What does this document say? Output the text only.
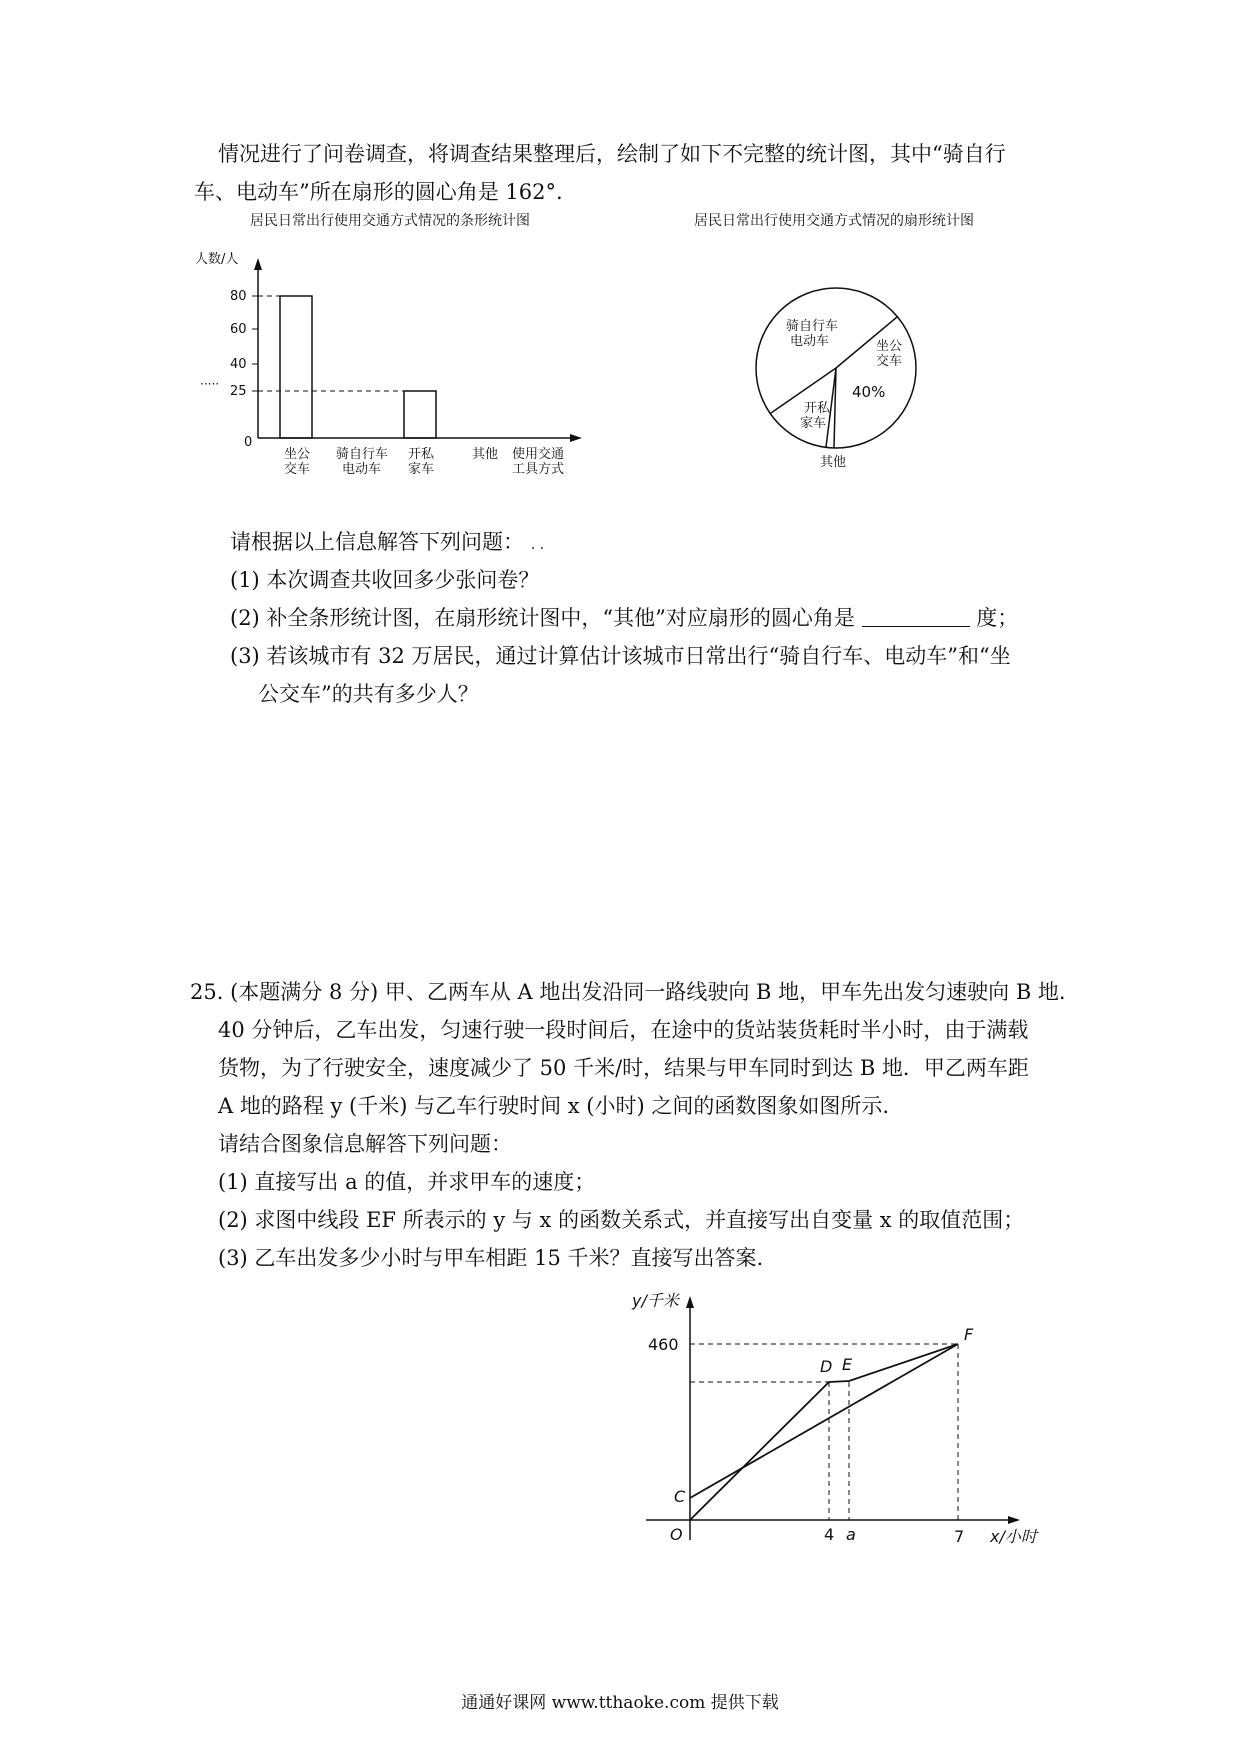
情况进行了问卷调查，将调查结果整理后，绘制了如下不完整的统计图，其中“骑自行
车、电动车”所在扇形的圆心角是 162°.
居民日常出行使用交通方式情况的条形统计图	居民日常出行使用交通方式情况的扇形统计图
人数/人
·····
80
60
40
25
0
坐公
交车
骑自行车
电动车
开私
家车
其他 使用交通
工具方式
骑自行车
电动车	坐公
交车
40%
开私
家车
其他
请根据以上信息解答下列问题： . .
(1) 本次调查共收回多少张问卷？
(2) 补全条形统计图，在扇形统计图中，“其他”对应扇形的圆心角是	度；
(3) 若该城市有 32 万居民，通过计算估计该城市日常出行“骑自行车、电动车”和“坐
公交车”的共有多少人？
25. (本题满分 8 分) 甲、乙两车从 A 地出发沿同一路线驶向 B 地，甲车先出发匀速驶向 B 地.
40 分钟后，乙车出发，匀速行驶一段时间后，在途中的货站装货耗时半小时，由于满载
货物，为了行驶安全，速度减少了 50 千米/时，结果与甲车同时到达 B 地．甲乙两车距
A 地的路程 y (千米) 与乙车行驶时间 x (小时) 之间的函数图象如图所示.
请结合图象信息解答下列问题：
(1) 直接写出 a 的值，并求甲车的速度；
(2) 求图中线段 EF 所表示的 y 与 x 的函数关系式，并直接写出自变量 x 的取值范围；
(3) 乙车出发多少小时与甲车相距 15 千米？直接写出答案.
y/千米
460
D E
F
C
O	4 a	7 x/小时
通通好课网 www.tthaoke.com 提供下载
